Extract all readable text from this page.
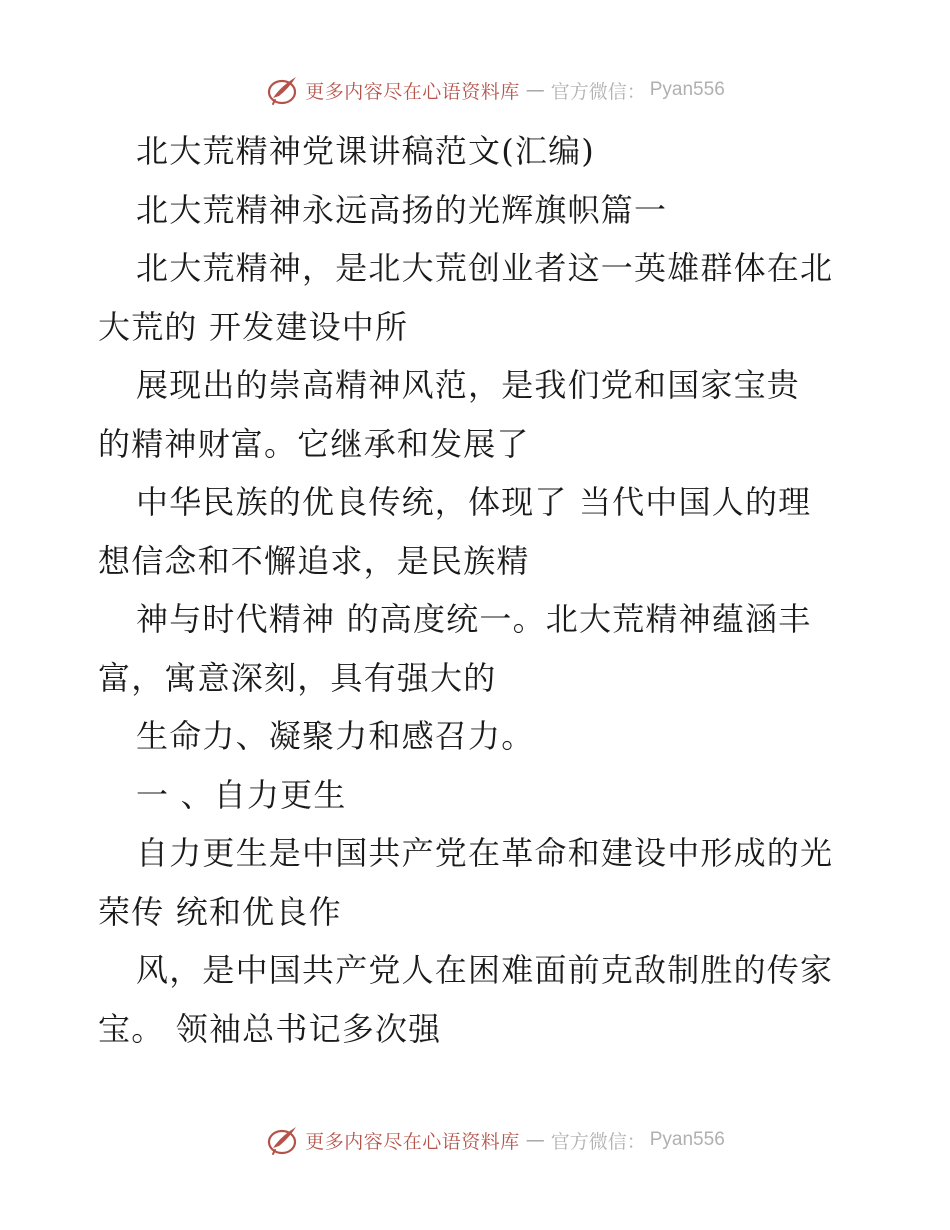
更多内容尽在心语资料库 — 官方微信： Pyan556
北大荒精神党课讲稿范文(汇编)
北大荒精神永远高扬的光辉旗帜篇一
北大荒精神，是北大荒创业者这一英雄群体在北
大荒的 开发建设中所
展现出的崇高精神风范，是我们党和国家宝贵
的精神财富。它继承和发展了
中华民族的优良传统，体现了 当代中国人的理
想信念和不懈追求，是民族精
神与时代精神 的高度统一。北大荒精神蕴涵丰
富，寓意深刻，具有强大的
生命力、凝聚力和感召力。
一 、自力更生
自力更生是中国共产党在革命和建设中形成的光
荣传 统和优良作
风，是中国共产党人在困难面前克敌制胜的传家
宝。 领袖总书记多次强
更多内容尽在心语资料库 — 官方微信： Pyan556
